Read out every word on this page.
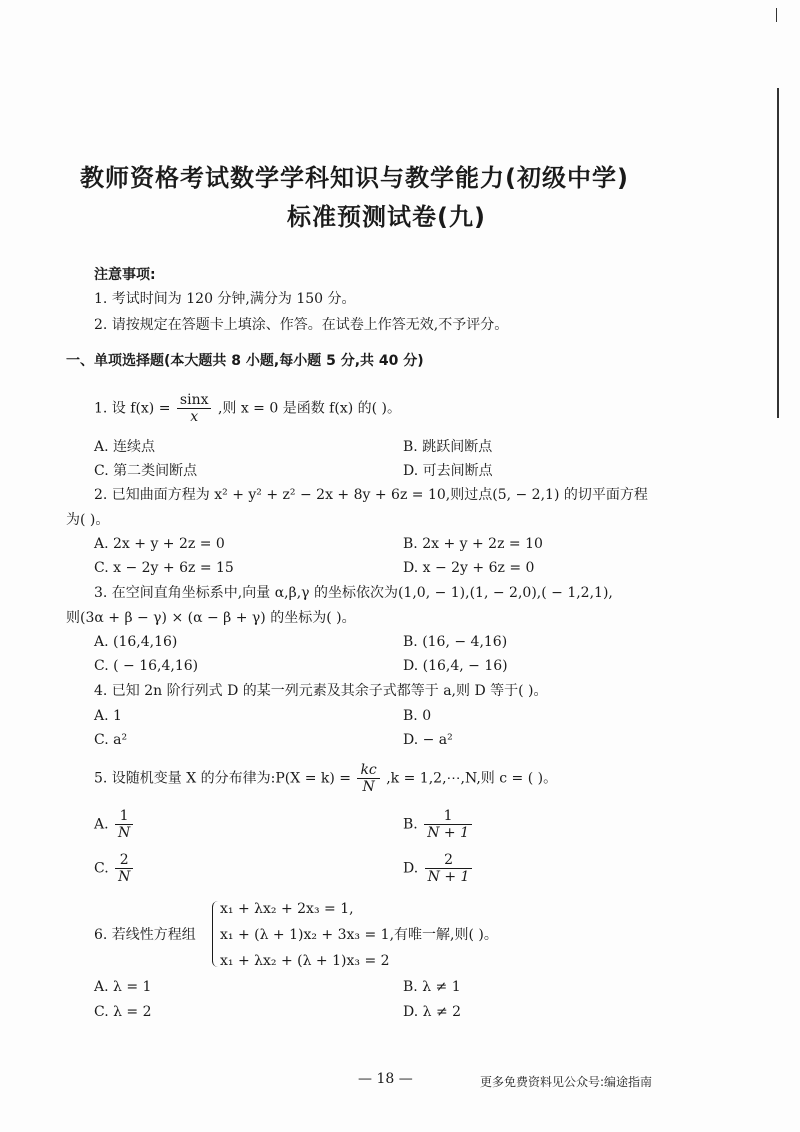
教师资格考试数学学科知识与教学能力(初级中学)
标准预测试卷(九)
注意事项:
1. 考试时间为 120 分钟,满分为 150 分。
2. 请按规定在答题卡上填涂、作答。在试卷上作答无效,不予评分。
一、单项选择题(本大题共 8 小题,每小题 5 分,共 40 分)
1. 设 $f(x) = \frac{\sin x}{x}$ ,则 x = 0 是函数 f(x) 的( )。
A. 连续点	B. 跳跃间断点
C. 第二类间断点	D. 可去间断点
2. 已知曲面方程为 x² + y² + z² − 2x + 8y + 6z = 10,则过点(5, − 2,1) 的切平面方程
为( )。
A. 2x + y + 2z = 0	B. 2x + y + 2z = 10
C. x − 2y + 6z = 15	D. x − 2y + 6z = 0
3. 在空间直角坐标系中,向量 α,β,γ 的坐标依次为(1,0, − 1),(1, − 2,0),( − 1,2,1),
则(3α + β − γ) × (α − β + γ) 的坐标为( )。
A. (16,4,16)	B. (16, − 4,16)
C. ( − 16,4,16)	D. (16,4, − 16)
4. 已知 2n 阶行列式 D 的某一列元素及其余子式都等于 a,则 D 等于( )。
A. 1	B. 0
C. a²	D. − a²
5. 设随机变量 X 的分布律为:P(X = $k) = \frac{kc}{N} ,k$ = 1,2,⋯,N,则 c = ( )。
A. $\frac{1}{N}$	B. $\frac{1}{N + 1}$
C. $\frac{2}{N}$	D. $\frac{2}{N + 1}$
6. 若线性方程组
x₁ + λx₂ + 2x₃ = 1,
x₁ + (λ + 1)x₂ + 3x₃ = 1,有唯一解,则( )。
x₁ + λx₂ + (λ + 1)x₃ = 2
A. λ = 1	B. λ ≠ 1
C. λ = 2	D. λ ≠ 2
— 18 —	更多免费资料见公众号:编途指南
